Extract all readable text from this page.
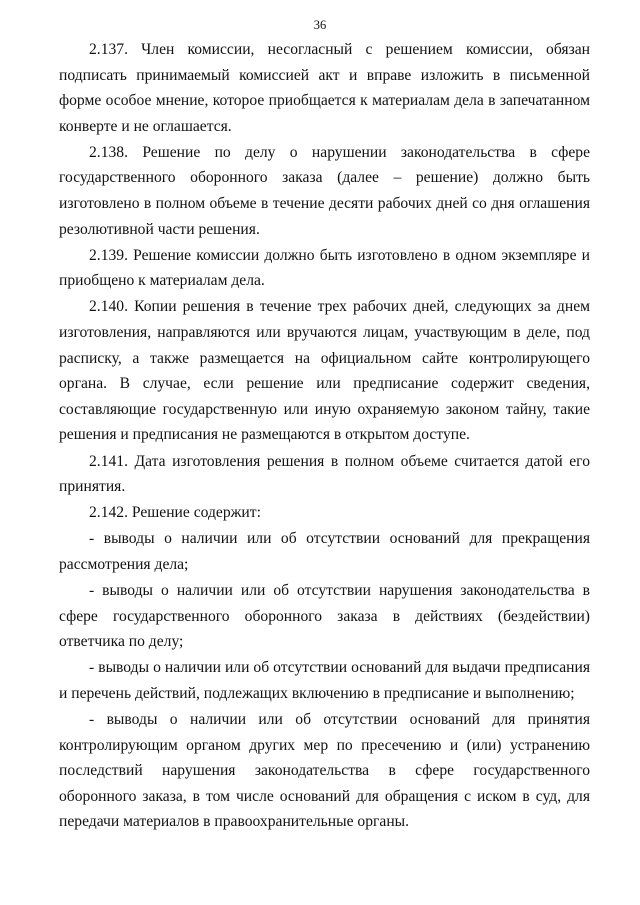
36

2.137. Член комиссии, несогласный с решением комиссии, обязан подписать принимаемый комиссией акт и вправе изложить в письменной форме особое мнение, которое приобщается к материалам дела в запечатанном конверте и не оглашается.

2.138. Решение по делу о нарушении законодательства в сфере государственного оборонного заказа (далее – решение) должно быть изготовлено в полном объеме в течение десяти рабочих дней со дня оглашения резолютивной части решения.

2.139. Решение комиссии должно быть изготовлено в одном экземпляре и приобщено к материалам дела.

2.140. Копии решения в течение трех рабочих дней, следующих за днем изготовления, направляются или вручаются лицам, участвующим в деле, под расписку, а также размещается на официальном сайте контролирующего органа. В случае, если решение или предписание содержит сведения, составляющие государственную или иную охраняемую законом тайну, такие решения и предписания не размещаются в открытом доступе.

2.141. Дата изготовления решения в полном объеме считается датой его принятия.

2.142. Решение содержит:

- выводы о наличии или об отсутствии оснований для прекращения рассмотрения дела;

- выводы о наличии или об отсутствии нарушения законодательства в сфере государственного оборонного заказа в действиях (бездействии) ответчика по делу;

- выводы о наличии или об отсутствии оснований для выдачи предписания и перечень действий, подлежащих включению в предписание и выполнению;

- выводы о наличии или об отсутствии оснований для принятия контролирующим органом других мер по пресечению и (или) устранению последствий нарушения законодательства в сфере государственного оборонного заказа, в том числе оснований для обращения с иском в суд, для передачи материалов в правоохранительные органы.
